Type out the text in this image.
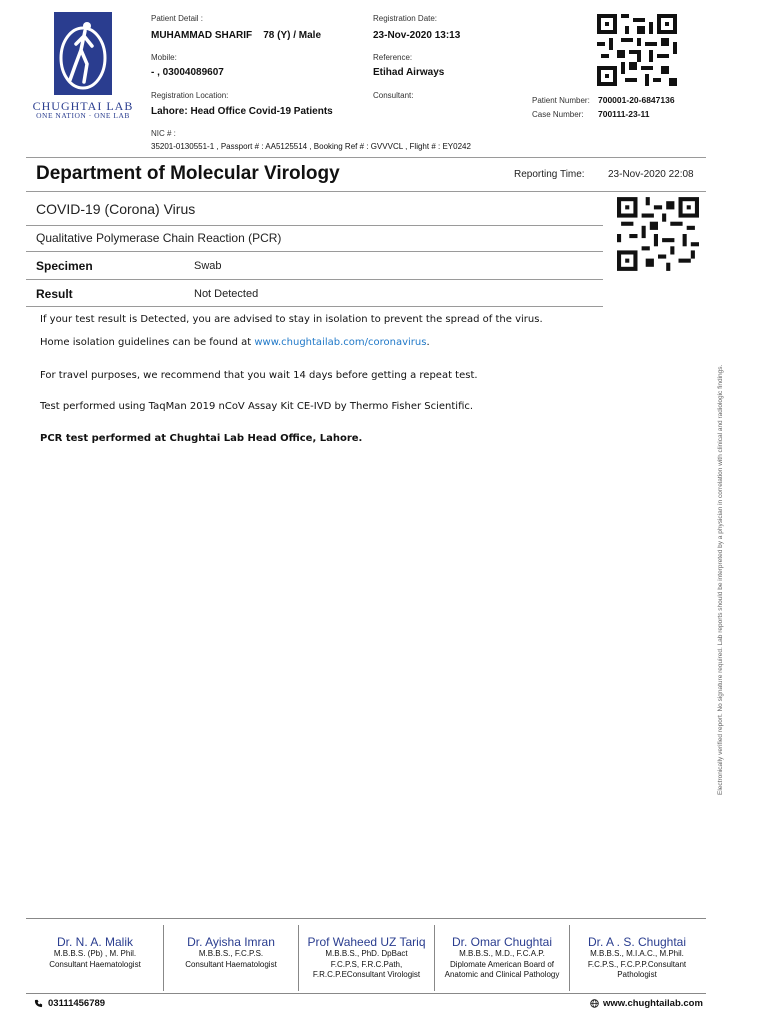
CHUGHTAI LAB
ONE NATION · ONE LAB
Patient Detail :
MUHAMMAD SHARIF    78 (Y) / Male
Mobile:
- , 03004089607
Registration Location:
Lahore: Head Office Covid-19 Patients
NIC # :
35201-0130551-1 , Passport # : AA5125514 , Booking Ref # : GVVVCL , Flight # : EY0242
Registration Date:
23-Nov-2020 13:13
Reference:
Etihad Airways
Consultant:
Patient Number: 700001-20-6847136
Case Number: 700111-23-11
Department of Molecular Virology	Reporting Time: 23-Nov-2020 22:08
COVID-19 (Corona) Virus
Qualitative Polymerase Chain Reaction (PCR)
Specimen	Swab
Result	Not Detected
If your test result is Detected, you are advised to stay in isolation to prevent the spread of the virus.
Home isolation guidelines can be found at www.chughtailab.com/coronavirus.
For travel purposes, we recommend that you wait 14 days before getting a repeat test.
Test performed using TaqMan 2019 nCoV Assay Kit CE-IVD by Thermo Fisher Scientific.
PCR test performed at Chughtai Lab Head Office, Lahore.	Electronically verified report. No signature required. Lab reports should be interpreted by a physician in correlation with clinical and radiologic findings.
Dr. N. A. Malik
M.B.B.S. (Pb) , M. Phil.
Consultant Haematologist
Dr. Ayisha Imran
M.B.B.S., F.C.P.S.
Consultant Haematologist
Prof Waheed UZ Tariq
M.B.B.S., PhD. DpBact
F.C.P.S, F.R.C.Path,
F.R.C.P.EConsultant Virologist
Dr. Omar Chughtai
M.B.B.S., M.D., F.C.A.P.
Diplomate American Board of
Anatomic and Clinical Pathology
Dr. A . S. Chughtai
M.B.B.S., M.I.A.C., M.Phil.
F.C.P.S., F.C.P.P.Consultant
Pathologist
03111456789	www.chughtailab.com
